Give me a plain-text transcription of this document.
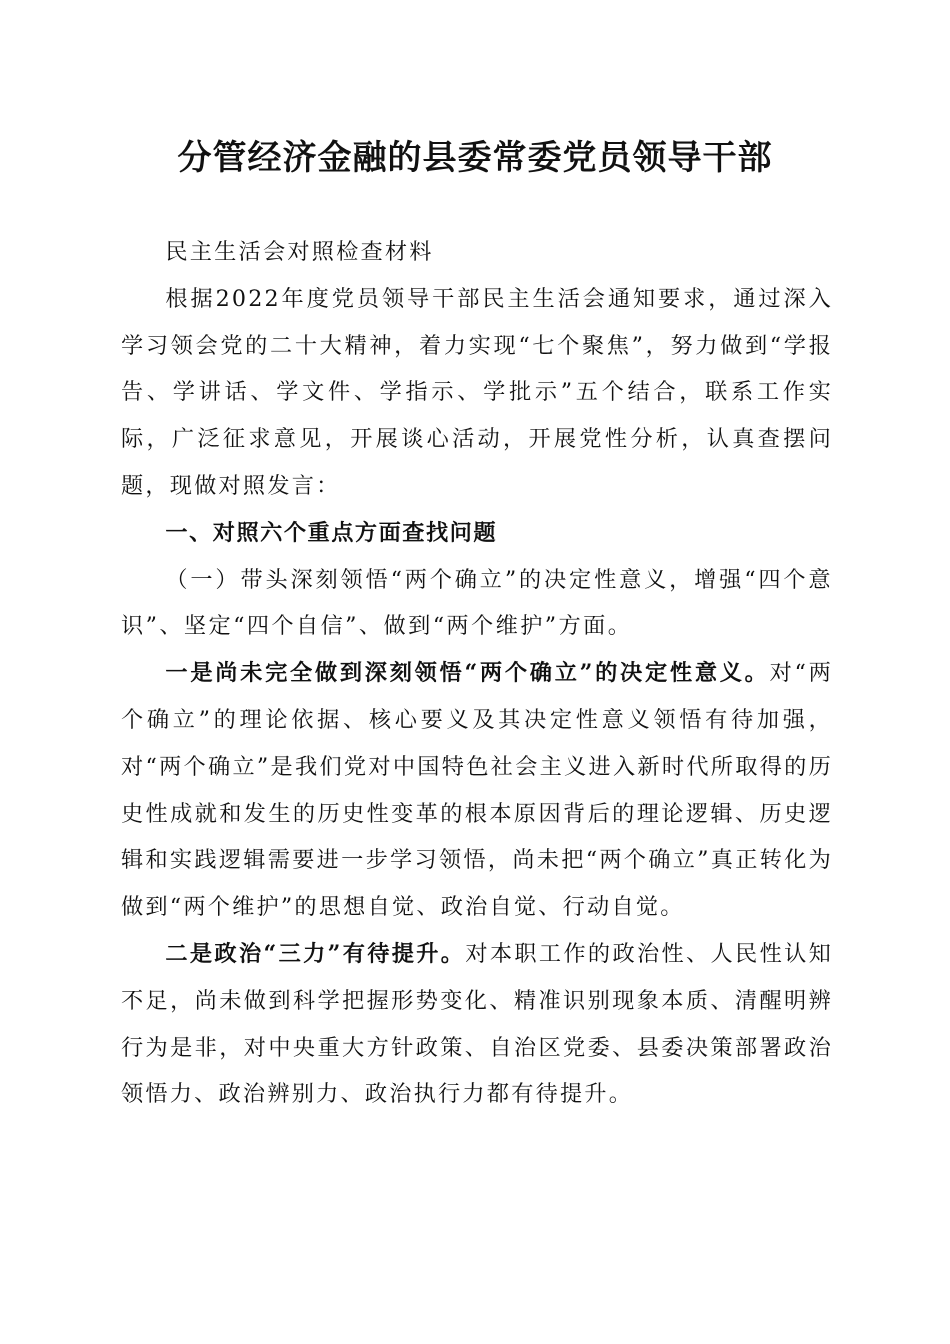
分管经济金融的县委常委党员领导干部

民主生活会对照检查材料

根据2022年度党员领导干部民主生活会通知要求，通过深入学习领会党的二十大精神，着力实现“七个聚焦”，努力做到“学报告、学讲话、学文件、学指示、学批示”五个结合，联系工作实际，广泛征求意见，开展谈心活动，开展党性分析，认真查摆问题，现做对照发言：

一、对照六个重点方面查找问题

（一）带头深刻领悟“两个确立”的决定性意义，增强“四个意识”、坚定“四个自信”、做到“两个维护”方面。

一是尚未完全做到深刻领悟“两个确立”的决定性意义。对“两个确立”的理论依据、核心要义及其决定性意义领悟有待加强，对“两个确立”是我们党对中国特色社会主义进入新时代所取得的历史性成就和发生的历史性变革的根本原因背后的理论逻辑、历史逻辑和实践逻辑需要进一步学习领悟，尚未把“两个确立”真正转化为做到“两个维护”的思想自觉、政治自觉、行动自觉。

二是政治“三力”有待提升。对本职工作的政治性、人民性认知不足，尚未做到科学把握形势变化、精准识别现象本质、清醒明辨行为是非，对中央重大方针政策、自治区党委、县委决策部署政治领悟力、政治辨别力、政治执行力都有待提升。
